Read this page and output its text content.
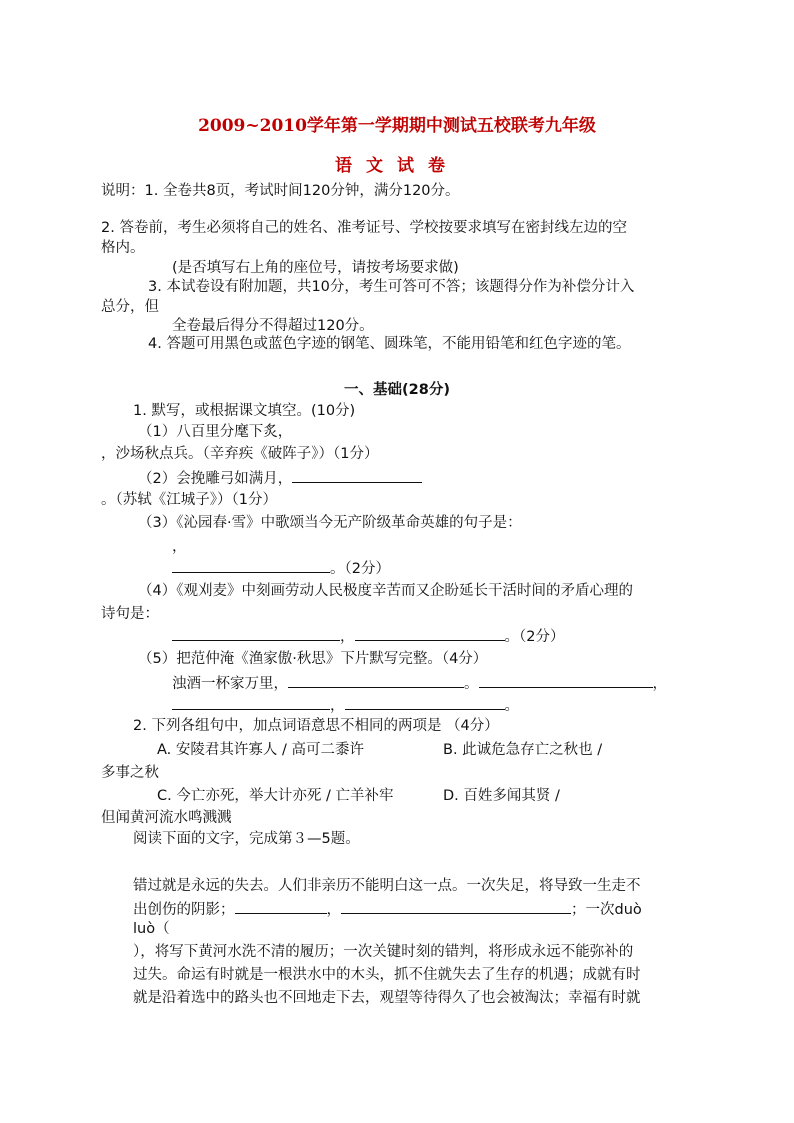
2009~2010学年第一学期期中测试五校联考九年级
语文试卷
说明：1. 全卷共8页，考试时间120分钟，满分120分。
2. 答卷前，考生必须将自己的姓名、准考证号、学校按要求填写在密封线左边的空
格内。
(是否填写右上角的座位号，请按考场要求做)
3. 本试卷设有附加题，共10分，考生可答可不答；该题得分作为补偿分计入
总分，但
全卷最后得分不得超过120分。
4. 答题可用黑色或蓝色字迹的钢笔、圆珠笔，不能用铅笔和红色字迹的笔。
一、基础(28分)
1. 默写，或根据课文填空。(10分)
（1）八百里分麾下炙，
，沙场秋点兵。（辛弃疾《破阵子》）（1分）
（2）会挽雕弓如满月，
。（苏轼《江城子》）（1分）
（3）《沁园春·雪》中歌颂当今无产阶级革命英雄的句子是：
，
。（2分）
（4）《观刈麦》中刻画劳动人民极度辛苦而又企盼延长干活时间的矛盾心理的
诗句是：
，	。（2分）
（5）把范仲淹《渔家傲·秋思》下片默写完整。（4分）
浊酒一杯家万里，	。	，
，	。
2. 下列各组句中，加点词语意思不相同的两项是 （4分）
A. 安陵君其许寡人 / 高可二黍许	B. 此诚危急存亡之秋也 /
多事之秋
C. 今亡亦死，举大计亦死 / 亡羊补牢	D. 百姓多闻其贤 /
但闻黄河流水鸣溅溅
阅读下面的文字，完成第３—5题。
错过就是永远的失去。人们非亲历不能明白这一点。一次失足，将导致一生走不
出创伤的阴影；	，	；一次duò
luò（
），将写下黄河水洗不清的履历；一次关键时刻的错判，将形成永远不能弥补的
过失。命运有时就是一根洪水中的木头，抓不住就失去了生存的机遇；成就有时
就是沿着选中的路头也不回地走下去，观望等待得久了也会被淘汰；幸福有时就
